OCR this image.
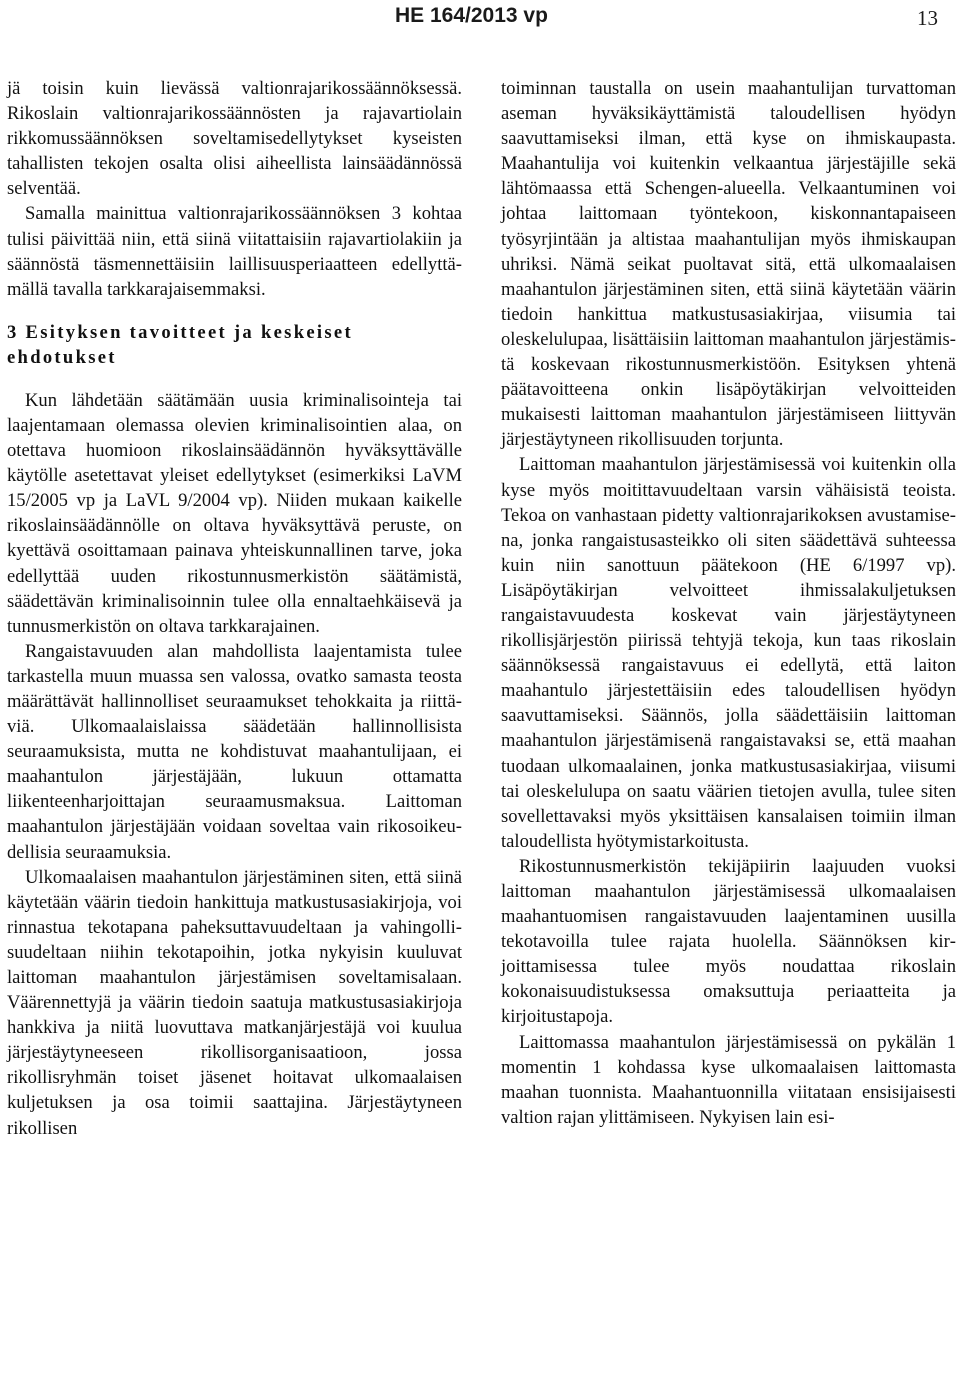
HE 164/2013 vp	13

jä toisin kuin lievässä valtionrajarikossäännöksessä. Rikoslain valtionrajarikossäännösten ja rajavartiolain rikkomussäännöksen soveltamisedellytykset kyseisten tahallisten tekojen osalta olisi aiheellista lainsäädännössä selventää.

Samalla mainittua valtionrajarikossäännöksen 3 kohtaa tulisi päivittää niin, että siinä viitattaisiin rajavartiolakiin ja säännöstä täsmennettäisiin laillisuusperiaatteen edellyttämällä tavalla tarkkarajaisemmaksi.

3 Esityksen tavoitteet ja keskeiset ehdotukset

Kun lähdetään säätämään uusia kriminalisointeja tai laajentamaan olemassa olevien kriminalisointien alaa, on otettava huomioon rikoslainsäädännön hyväksyttävälle käytölle asetettavat yleiset edellytykset (esimerkiksi LaVM 15/2005 vp ja LaVL 9/2004 vp). Niiden mukaan kaikelle rikoslainsäädännölle on oltava hyväksyttävä peruste, on kyettävä osoittamaan painava yhteiskunnallinen tarve, joka edellyttää uuden rikostunnusmerkistön säätämistä, säädettävän kriminalisoinnin tulee olla ennaltaehkäisevä ja tunnusmerkistön on oltava tarkkarajainen.

Rangaistavuuden alan mahdollista laajentamista tulee tarkastella muun muassa sen valossa, ovatko samasta teosta määrättävät hallinnolliset seuraamukset tehokkaita ja riittäviä. Ulkomaalaislaissa säädetään hallinnollisista seuraamuksista, mutta ne kohdistuvat maahantulijaan, ei maahantulon järjestäjään, lukuun ottamatta liikenteenharjoittajan seuraamusmaksua. Laittoman maahantulon järjestäjään voidaan soveltaa vain rikosoikeudellisia seuraamuksia.

Ulkomaalaisen maahantulon järjestäminen siten, että siinä käytetään väärin tiedoin hankittuja matkustusasiakirjoja, voi rinnastua tekotapana paheksuttavuudeltaan ja vahingollisuudeltaan niihin tekotapoihin, jotka nykyisin kuuluvat laittoman maahantulon järjestämisen soveltamisalaan. Väärennettyjä ja väärin tiedoin saatuja matkustusasiakirjoja hankkiva ja niitä luovuttava matkanjärjestäjä voi kuulua järjestäytyneeseen rikollisorganisaatioon, jossa rikollisryhmän toiset jäsenet hoitavat ulkomaalaisen kuljetuksen ja osa toimii saattajina. Järjestäytyneen rikollisen

toiminnan taustalla on usein maahantulijan turvattoman aseman hyväksikäyttämistä taloudellisen hyödyn saavuttamiseksi ilman, että kyse on ihmiskaupasta. Maahantulija voi kuitenkin velkaantua järjestäjille sekä lähtömaassa että Schengen-alueella. Velkaantuminen voi johtaa laittomaan työntekoon, kiskonnantapaiseen työsyrjintään ja altistaa maahantulijan myös ihmiskaupan uhriksi. Nämä seikat puoltavat sitä, että ulkomaalaisen maahantulon järjestäminen siten, että siinä käytetään väärin tiedoin hankittua matkustusasiakirjaa, viisumia tai oleskelulupaa, lisättäisiin laittoman maahantulon järjestämistä koskevaan rikostunnusmerkistöön. Esityksen yhtenä päätavoitteena onkin lisäpöytäkirjan velvoitteiden mukaisesti laittoman maahantulon järjestämiseen liittyvän järjestäytyneen rikollisuuden torjunta.

Laittoman maahantulon järjestämisessä voi kuitenkin olla kyse myös moitittavuudeltaan varsin vähäisistä teoista. Tekoa on vanhastaan pidetty valtionrajarikoksen avustamisena, jonka rangaistusasteikko oli siten säädettävä suhteessa kuin niin sanottuun päätekoon (HE 6/1997 vp). Lisäpöytäkirjan velvoitteet ihmissalakuljetuksen rangaistavuudesta koskevat vain järjestäytyneen rikollisjärjestön piirissä tehtyjä tekoja, kun taas rikoslain säännöksessä rangaistavuus ei edellytä, että laiton maahantulo järjestettäisiin edes taloudellisen hyödyn saavuttamiseksi. Säännös, jolla säädettäisiin laittoman maahantulon järjestämisenä rangaistavaksi se, että maahan tuodaan ulkomaalainen, jonka matkustusasiakirjaa, viisumi tai oleskelulupa on saatu väärien tietojen avulla, tulee siten sovellettavaksi myös yksittäisen kansalaisen toimiin ilman taloudellista hyötymistarkoitusta.

Rikostunnusmerkistön tekijäpiirin laajuuden vuoksi laittoman maahantulon järjestämisessä ulkomaalaisen maahantuomisen rangaistavuuden laajentaminen uusilla tekotavoilla tulee rajata huolella. Säännöksen kirjoittamisessa tulee myös noudattaa rikoslain kokonaisuudistuksessa omaksuttuja periaatteita ja kirjoitustapoja.

Laittomassa maahantulon järjestämisessä on pykälän 1 momentin 1 kohdassa kyse ulkomaalaisen laittomasta maahan tuonnista. Maahantuonnilla viitataan ensisijaisesti valtion rajan ylittämiseen. Nykyisen lain esi-
